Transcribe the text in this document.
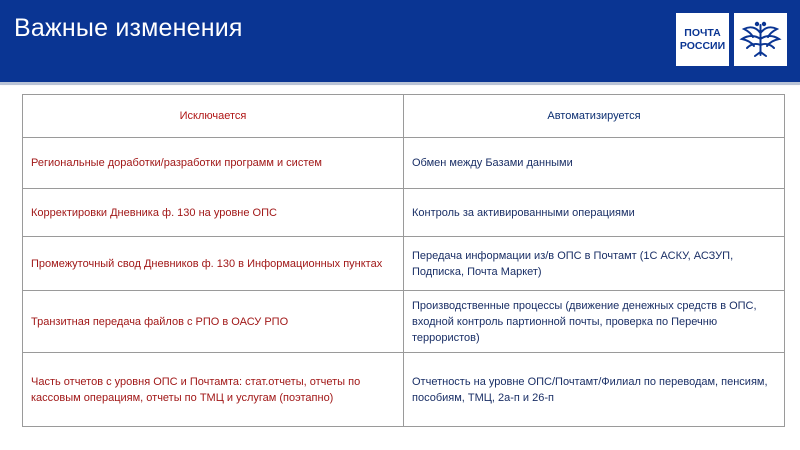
Важные изменения	ПОЧТА
РОССИИ
Исключается	Автоматизируется
Региональные доработки/разработки программ и систем	Обмен между Базами данными
Корректировки Дневника ф. 130 на уровне ОПС	Контроль за активированными операциями
Промежуточный свод Дневников ф. 130 в Информационных пунктах	Передача информации из/в ОПС в Почтамт (1С АСКУ, АСЗУП, Подписка, Почта Маркет)
Транзитная передача файлов с РПО в ОАСУ РПО	Производственные процессы (движение денежных средств в ОПС, входной контроль партионной почты, проверка по Перечню террористов)
Часть отчетов с уровня ОПС и Почтамта: стат.отчеты, отчеты по кассовым операциям, отчеты по ТМЦ и услугам (поэтапно)	Отчетность на уровне ОПС/Почтамт/Филиал по переводам, пенсиям, пособиям, ТМЦ, 2а-п и 26-п
